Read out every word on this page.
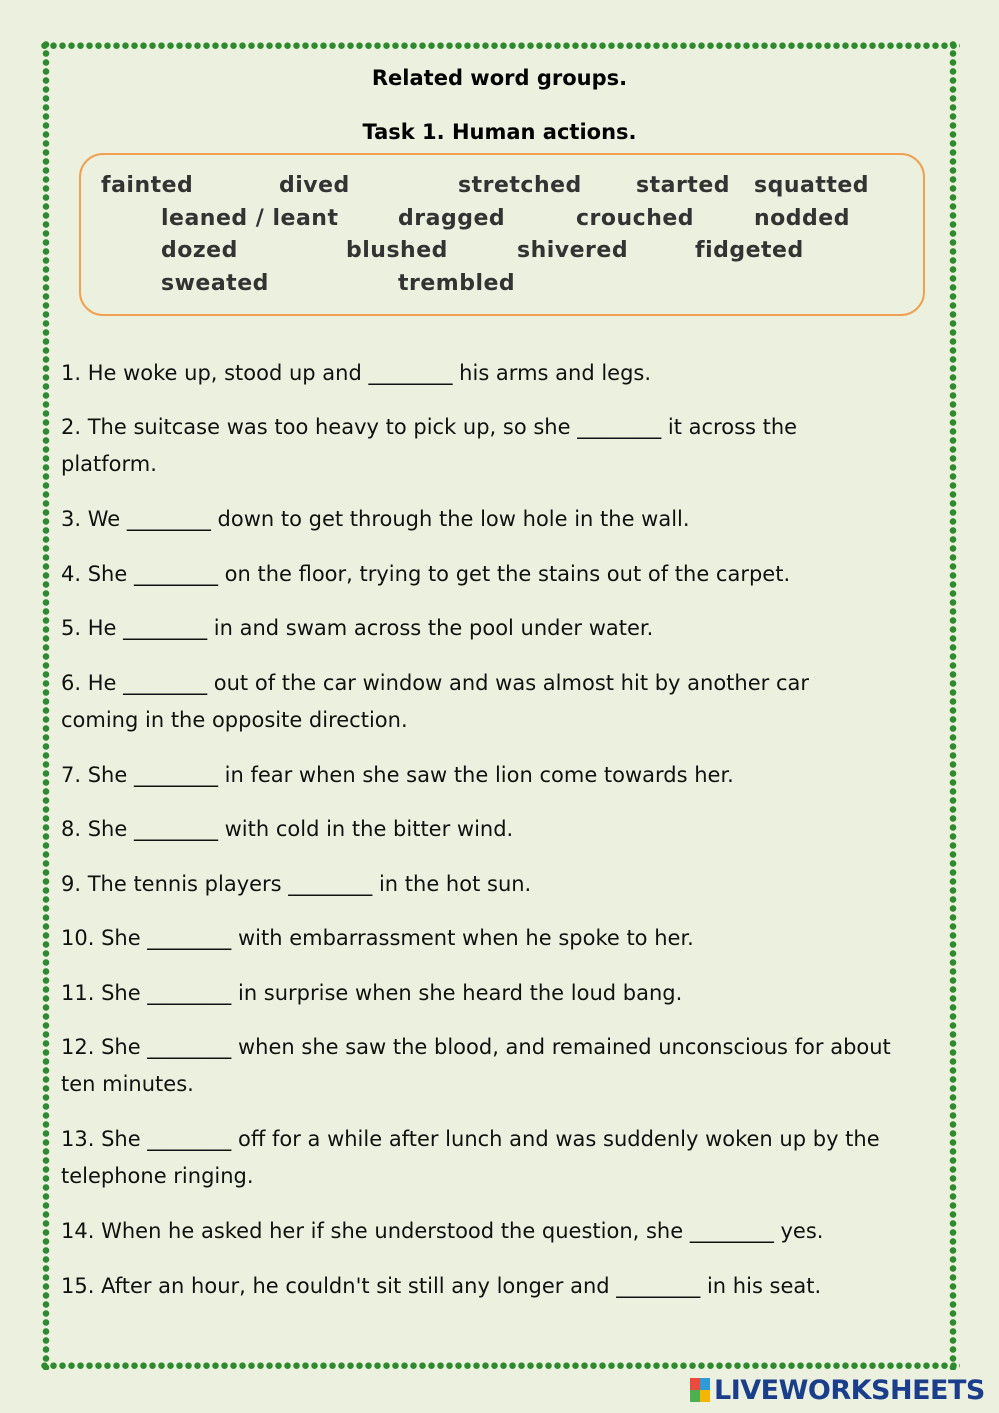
Related word groups.
Task 1. Human actions.
fainted	dived	stretched started squatted
leaned / leant	dragged	crouched	nodded
dozed	blushed	shivered	fidgeted
sweated	trembled
1. He woke up, stood up and ________ his arms and legs.
2. The suitcase was too heavy to pick up, so she ________ it across the
platform.
3. We ________ down to get through the low hole in the wall.
4. She ________ on the floor, trying to get the stains out of the carpet.
5. He ________ in and swam across the pool under water.
6. He ________ out of the car window and was almost hit by another car
coming in the opposite direction.
7. She ________ in fear when she saw the lion come towards her.
8. She ________ with cold in the bitter wind.
9. The tennis players ________ in the hot sun.
10. She ________ with embarrassment when he spoke to her.
11. She ________ in surprise when she heard the loud bang.
12. She ________ when she saw the blood, and remained unconscious for about
ten minutes.
13. She ________ off for a while after lunch and was suddenly woken up by the
telephone ringing.
14. When he asked her if she understood the question, she ________ yes.
15. After an hour, he couldn't sit still any longer and ________ in his seat.
LIVEWORKSHEETS
